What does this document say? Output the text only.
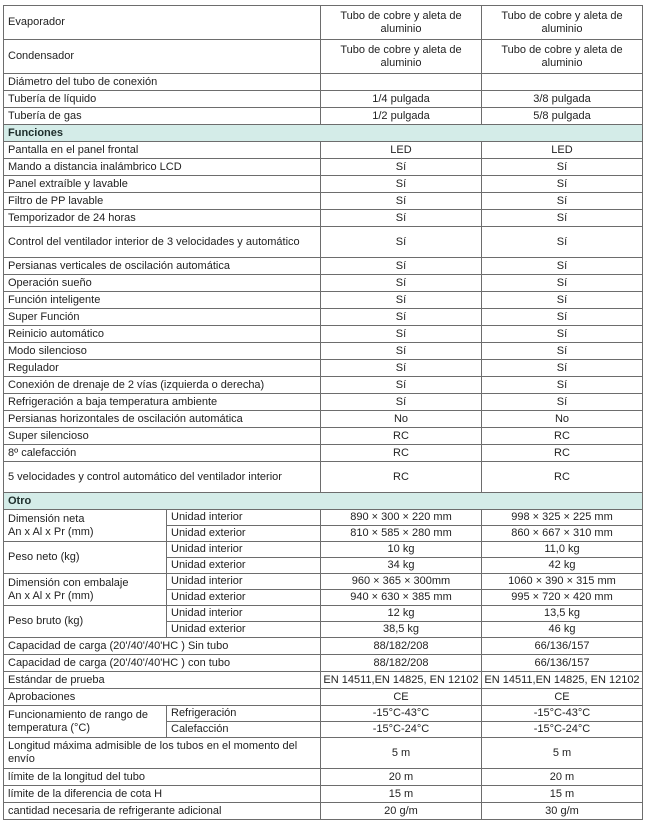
Evaporador		Tubo de cobre y aleta de aluminio	Tubo de cobre y aleta de aluminio
Condensador		Tubo de cobre y aleta de aluminio	Tubo de cobre y aleta de aluminio
Diámetro del tubo de conexión			
Tubería de líquido		1/4 pulgada	3/8 pulgada
Tubería de gas		1/2 pulgada	5/8 pulgada
Funciones			
Pantalla en el panel frontal		LED	LED
Mando a distancia inalámbrico LCD		Sí	Sí
Panel extraíble y lavable		Sí	Sí
Filtro de PP lavable		Sí	Sí
Temporizador de 24 horas		Sí	Sí
Control del ventilador interior de 3 velocidades y automático		Sí	Sí
Persianas verticales de oscilación automática		Sí	Sí
Operación sueño		Sí	Sí
Función inteligente		Sí	Sí
Super Función		Sí	Sí
Reinicio automático		Sí	Sí
Modo silencioso		Sí	Sí
Regulador		Sí	Sí
Conexión de drenaje de 2 vías (izquierda o derecha)		Sí	Sí
Refrigeración a baja temperatura ambiente		Sí	Sí
Persianas horizontales de oscilación automática		No	No
Super silencioso		RC	RC
8º calefacción		RC	RC
5 velocidades y control automático del ventilador interior		RC	RC
Otro			
Dimensión neta
An x Al x Pr (mm)	Unidad interior	890 × 300 × 220 mm	998 × 325 × 225 mm
	Unidad exterior	810 × 585 × 280 mm	860 × 667 × 310 mm
Peso neto (kg)	Unidad interior	10 kg	11,0 kg
	Unidad exterior	34 kg	42 kg
Dimensión con embalaje
An x Al x Pr (mm)	Unidad interior	960 × 365 × 300mm	1060 × 390 × 315 mm
	Unidad exterior	940 × 630 × 385 mm	995 × 720 × 420 mm
Peso bruto (kg)	Unidad interior	12 kg	13,5 kg
	Unidad exterior	38,5 kg	46 kg
Capacidad de carga (20'/40'/40'HC ) Sin tubo		88/182/208	66/136/157
Capacidad de carga (20'/40'/40'HC ) con tubo		88/182/208	66/136/157
Estándar de prueba		EN 14511,EN 14825, EN 12102	EN 14511,EN 14825, EN 12102
Aprobaciones		CE	CE
Funcionamiento de rango de temperatura (°C)	Refrigeración	-15°C-43°C	-15°C-43°C
	Calefacción	-15°C-24°C	-15°C-24°C
Longitud máxima admisible de los tubos en el momento del envío		5 m	5 m
límite de la longitud del tubo		20 m	20 m
límite de la diferencia de cota H		15 m	15 m
cantidad necesaria de refrigerante adicional		20 g/m	30 g/m
